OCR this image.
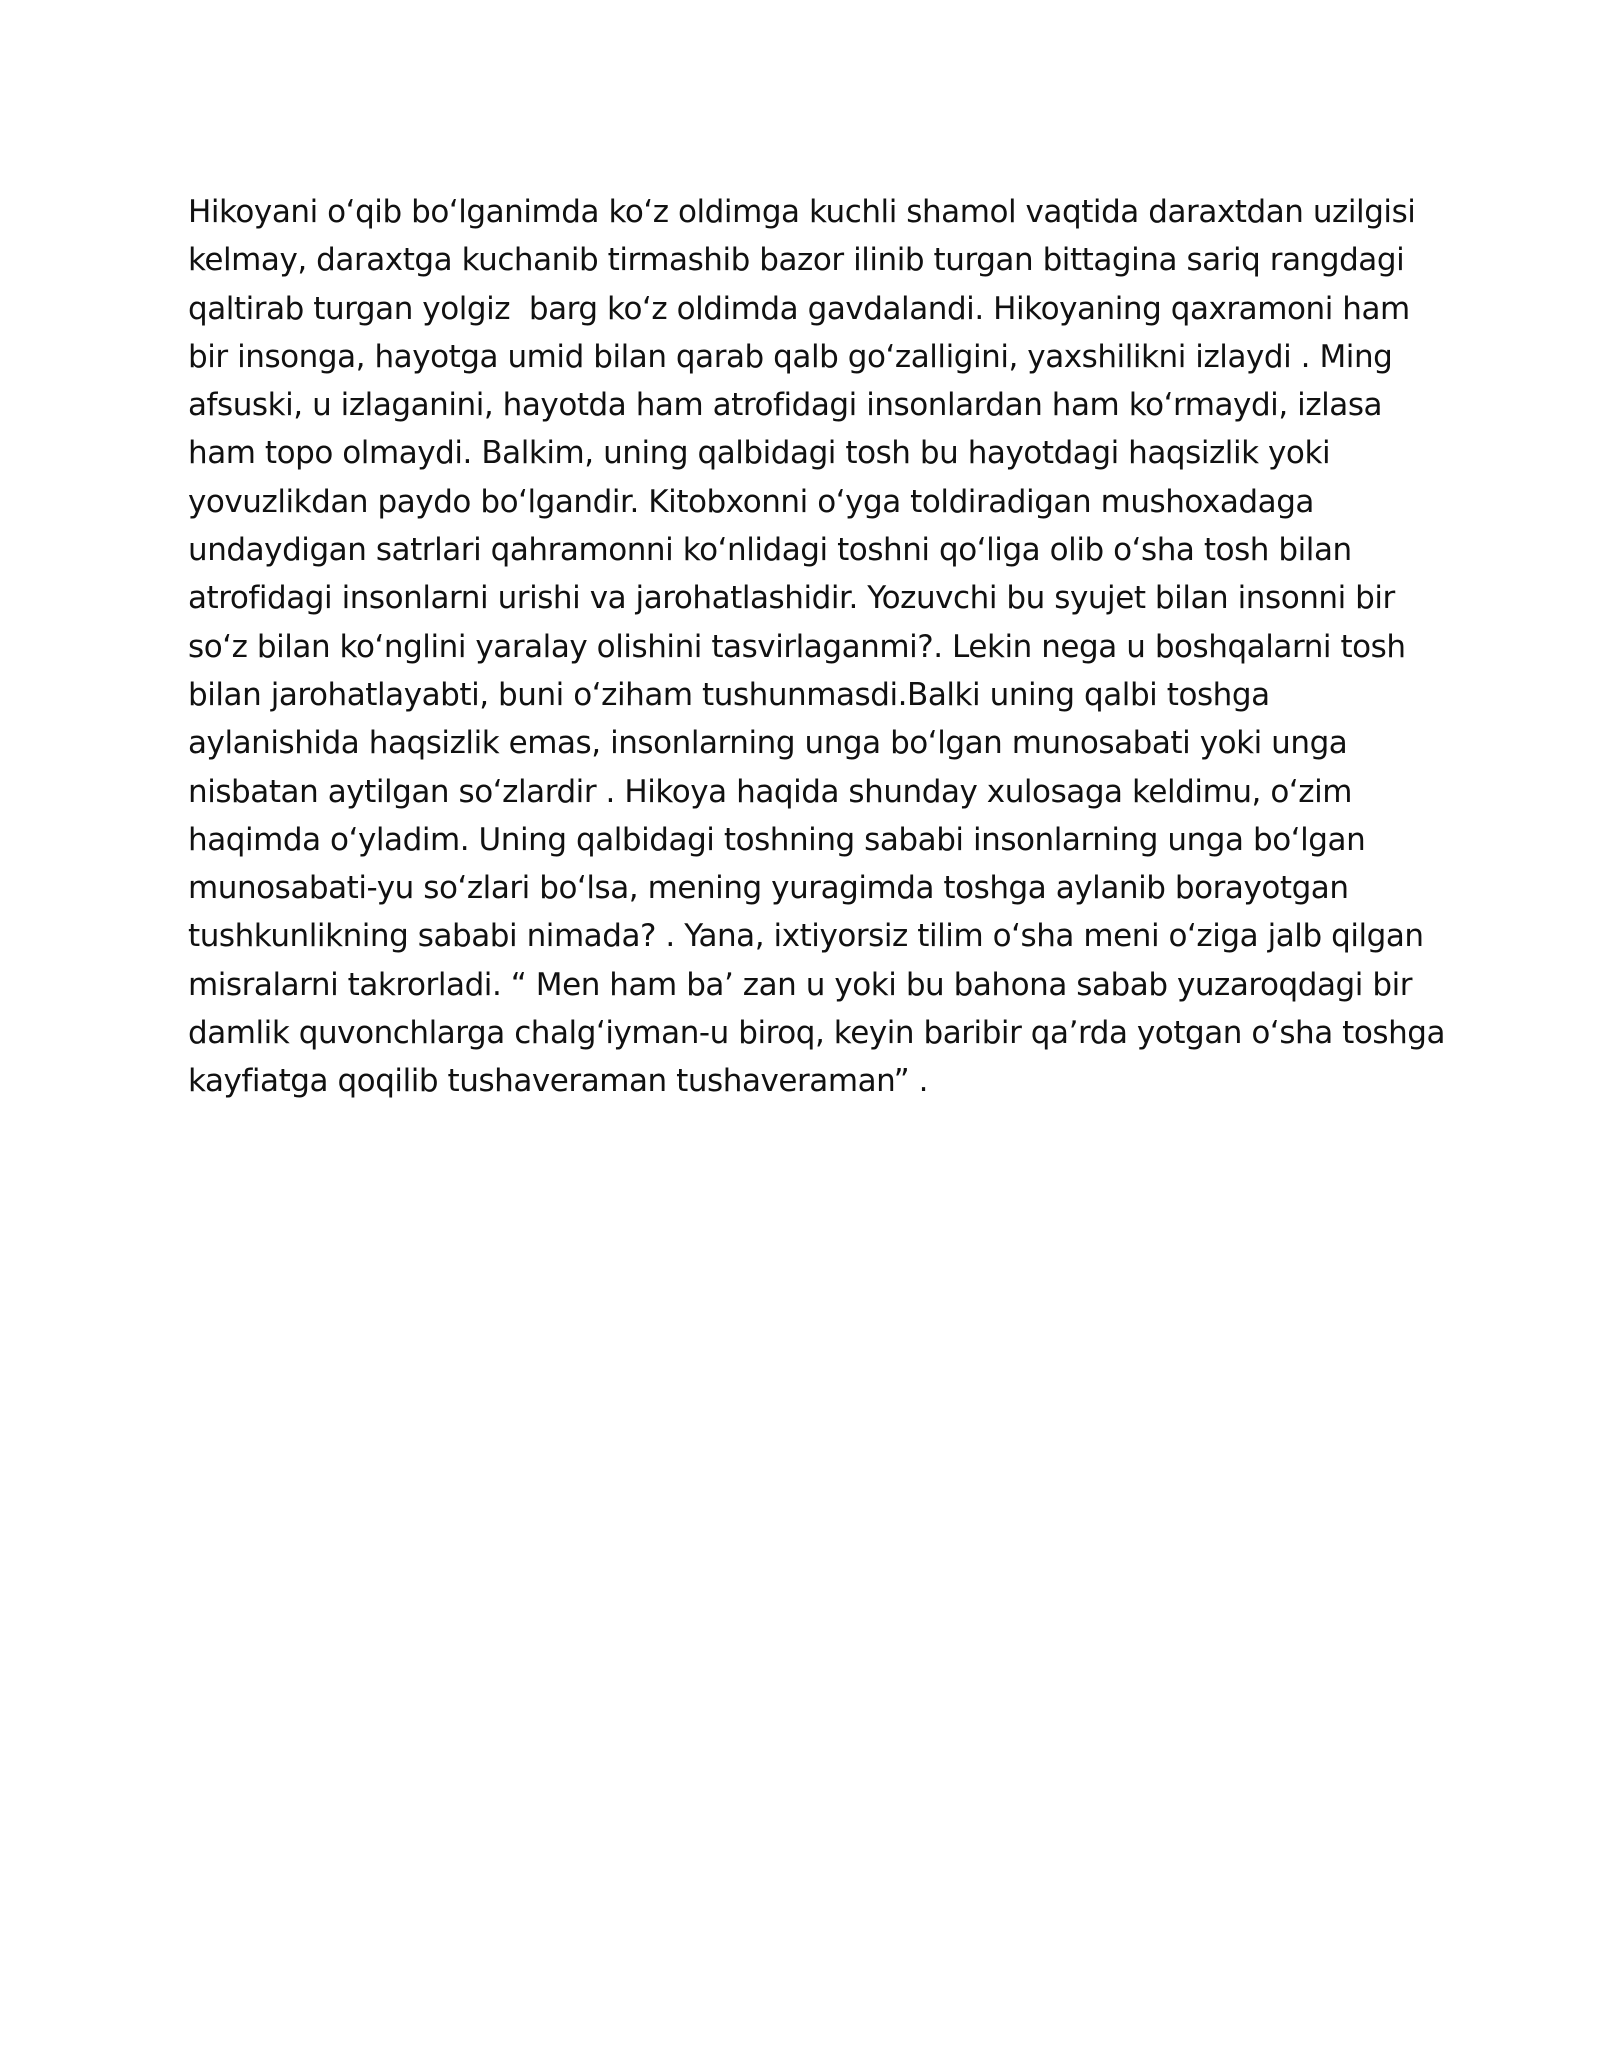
Hikoyani o‘qib bo‘lganimda ko‘z oldimga kuchli shamol vaqtida daraxtdan uzilgisi
kelmay, daraxtga kuchanib tirmashib bazor ilinib turgan bittagina sariq rangdagi
qaltirab turgan yolgiz  barg ko‘z oldimda gavdalandi. Hikoyaning qaxramoni ham
bir insonga, hayotga umid bilan qarab qalb go‘zalligini, yaxshilikni izlaydi . Ming
afsuski, u izlaganini, hayotda ham atrofidagi insonlardan ham ko‘rmaydi, izlasa
ham topo olmaydi. Balkim, uning qalbidagi tosh bu hayotdagi haqsizlik yoki
yovuzlikdan paydo bo‘lgandir. Kitobxonni o‘yga toldiradigan mushoxadaga
undaydigan satrlari qahramonni ko‘nlidagi toshni qo‘liga olib o‘sha tosh bilan
atrofidagi insonlarni urishi va jarohatlashidir. Yozuvchi bu syujet bilan insonni bir
so‘z bilan ko‘nglini yaralay olishini tasvirlaganmi?. Lekin nega u boshqalarni tosh
bilan jarohatlayabti, buni o‘ziham tushunmasdi.Balki uning qalbi toshga
aylanishida haqsizlik emas, insonlarning unga bo‘lgan munosabati yoki unga
nisbatan aytilgan so‘zlardir . Hikoya haqida shunday xulosaga keldimu, o‘zim
haqimda o‘yladim. Uning qalbidagi toshning sababi insonlarning unga bo‘lgan
munosabati-yu so‘zlari bo‘lsa, mening yuragimda toshga aylanib borayotgan
tushkunlikning sababi nimada? . Yana, ixtiyorsiz tilim o‘sha meni o‘ziga jalb qilgan
misralarni takrorladi. “ Men ham ba’ zan u yoki bu bahona sabab yuzaroqdagi bir
damlik quvonchlarga chalg‘iyman-u biroq, keyin baribir qa’rda yotgan o‘sha toshga
kayfiatga qoqilib tushaveraman tushaveraman” .
